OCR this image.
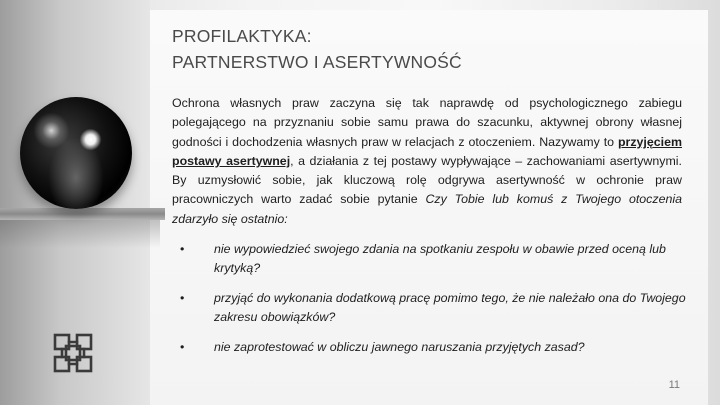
PROFILAKTYKA:
PARTNERSTWO I ASERTYWNOŚĆ
Ochrona własnych praw zaczyna się tak naprawdę od psychologicznego zabiegu polegającego na przyznaniu sobie samu prawa do szacunku, aktywnej obrony własnej godności i dochodzenia własnych praw w relacjach z otoczeniem. Nazywamy to przyjęciem postawy asertywnej, a działania z tej postawy wypływające – zachowaniami asertywnymi. By uzmysłowić sobie, jak kluczową rolę odgrywa asertywność w ochronie praw pracowniczych warto zadać sobie pytanie Czy Tobie lub komuś z Twojego otoczenia zdarzyło się ostatnio:
• nie wypowiedzieć swojego zdania na spotkaniu zespołu w obawie przed oceną lub krytyką?
• przyjąć do wykonania dodatkową pracę pomimo tego, że nie należało ona do Twojego zakresu obowiązków?
• nie zaprotestować w obliczu jawnego naruszania przyjętych zasad?
11
